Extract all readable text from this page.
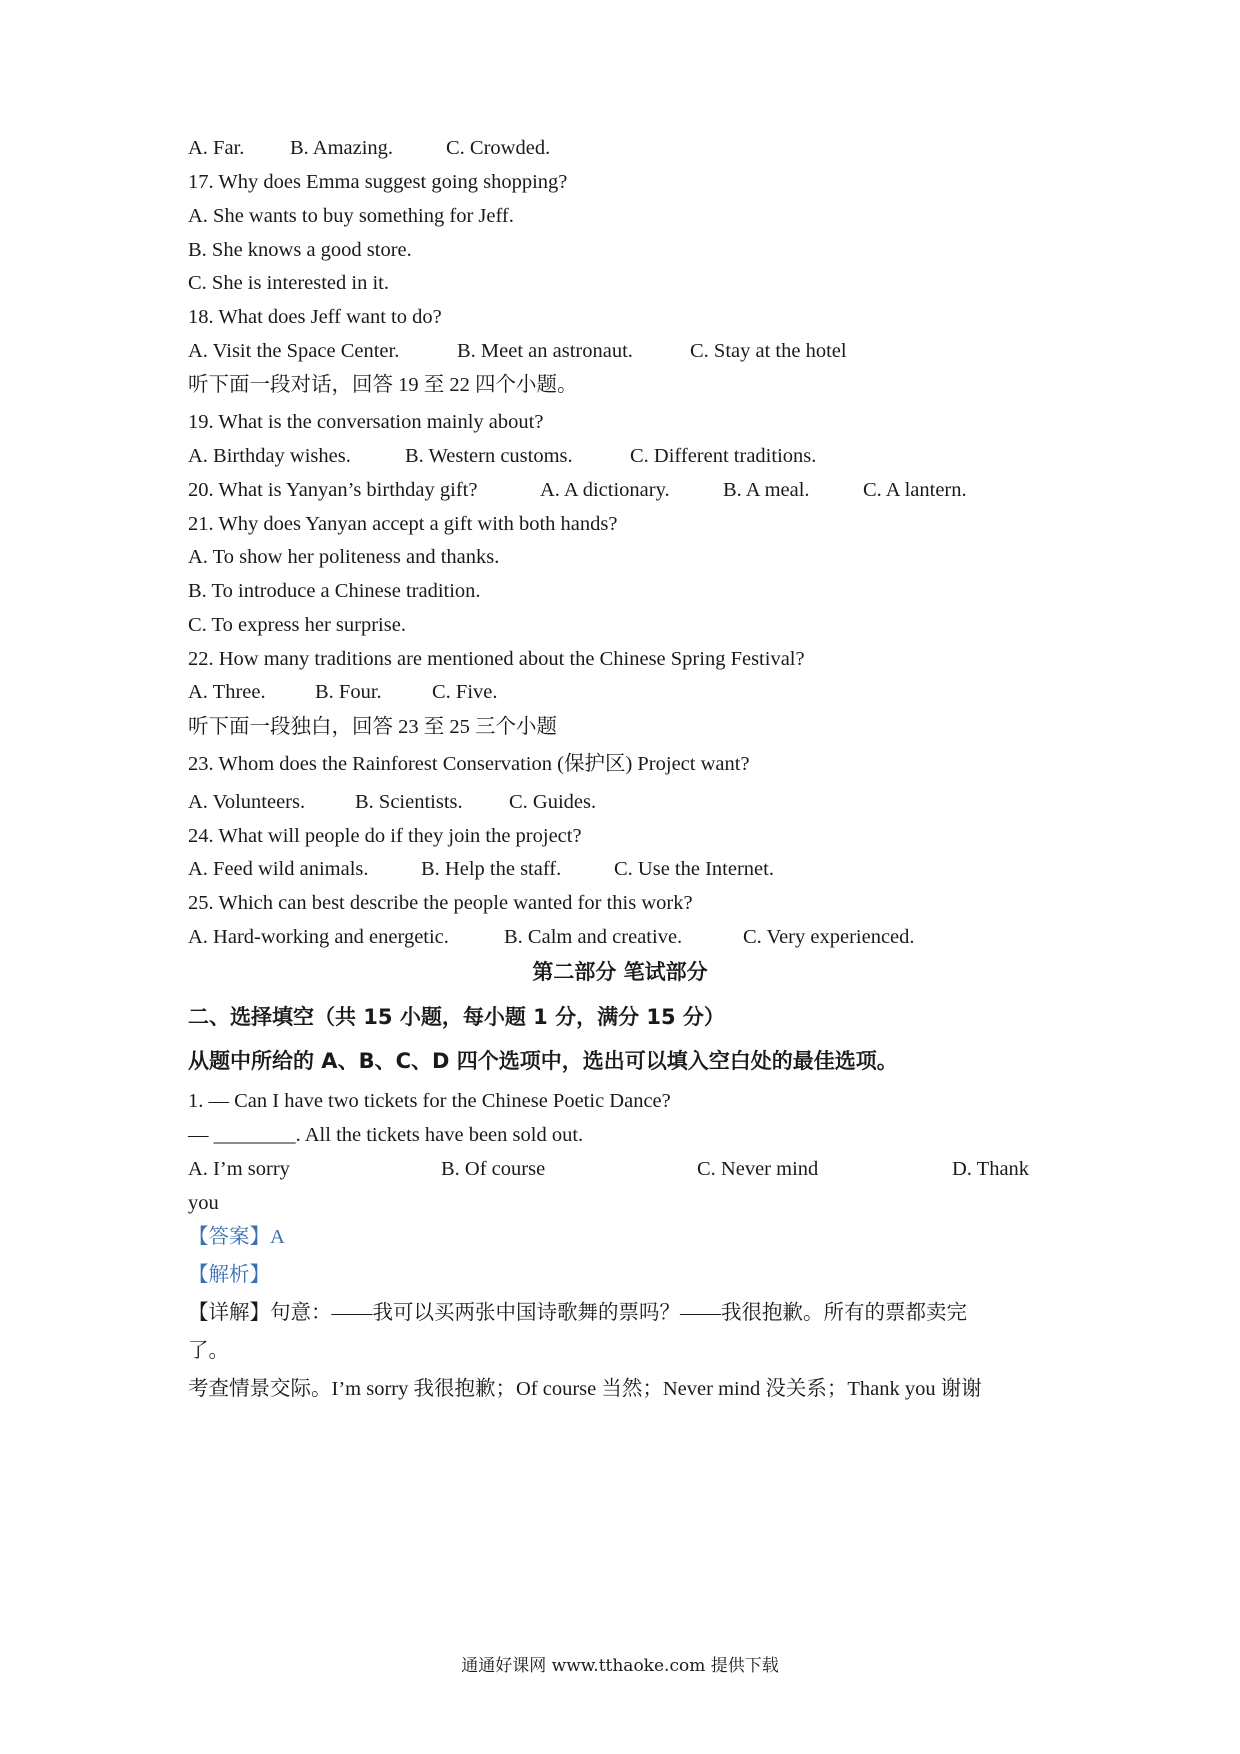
A. Far. B. Amazing.	C. Crowded.
17. Why does Emma suggest going shopping?
A. She wants to buy something for Jeff.
B. She knows a good store.
C. She is interested in it.
18. What does Jeff want to do?
A. Visit the Space Center.	B. Meet an astronaut.	C. Stay at the hotel
听下面一段对话，回答 19 至 22 四个小题。
19. What is the conversation mainly about?
A. Birthday wishes.	B. Western customs.	C. Different traditions.
20. What is Yanyan’s birthday gift?	A. A dictionary.	B. A meal.	C. A lantern.
21. Why does Yanyan accept a gift with both hands?
A. To show her politeness and thanks.
B. To introduce a Chinese tradition.
C. To express her surprise.
22. How many traditions are mentioned about the Chinese Spring Festival?
A. Three. B. Four. C. Five.
听下面一段独白，回答 23 至 25 三个小题
23. Whom does the Rainforest Conservation (保护区) Project want?
A. Volunteers. B. Scientists. C. Guides.
24. What will people do if they join the project?
A. Feed wild animals.	B. Help the staff.	C. Use the Internet.
25. Which can best describe the people wanted for this work?
A. Hard-working and energetic.	B. Calm and creative.	C. Very experienced.
第二部分 笔试部分
二、选择填空（共 15 小题，每小题 1 分，满分 15 分）
从题中所给的 A、B、C、D 四个选项中，选出可以填入空白处的最佳选项。
1. — Can I have two tickets for the Chinese Poetic Dance?
— ________. All the tickets have been sold out.
A. I’m sorry	B. Of course	C. Never mind	D. Thank
you
【答案】A
【解析】
【详解】句意：——我可以买两张中国诗歌舞的票吗？——我很抱歉。所有的票都卖完
了。
考查情景交际。I’m sorry 我很抱歉；Of course 当然；Never mind 没关系；Thank you 谢谢
通通好课网 www.tthaoke.com 提供下载
